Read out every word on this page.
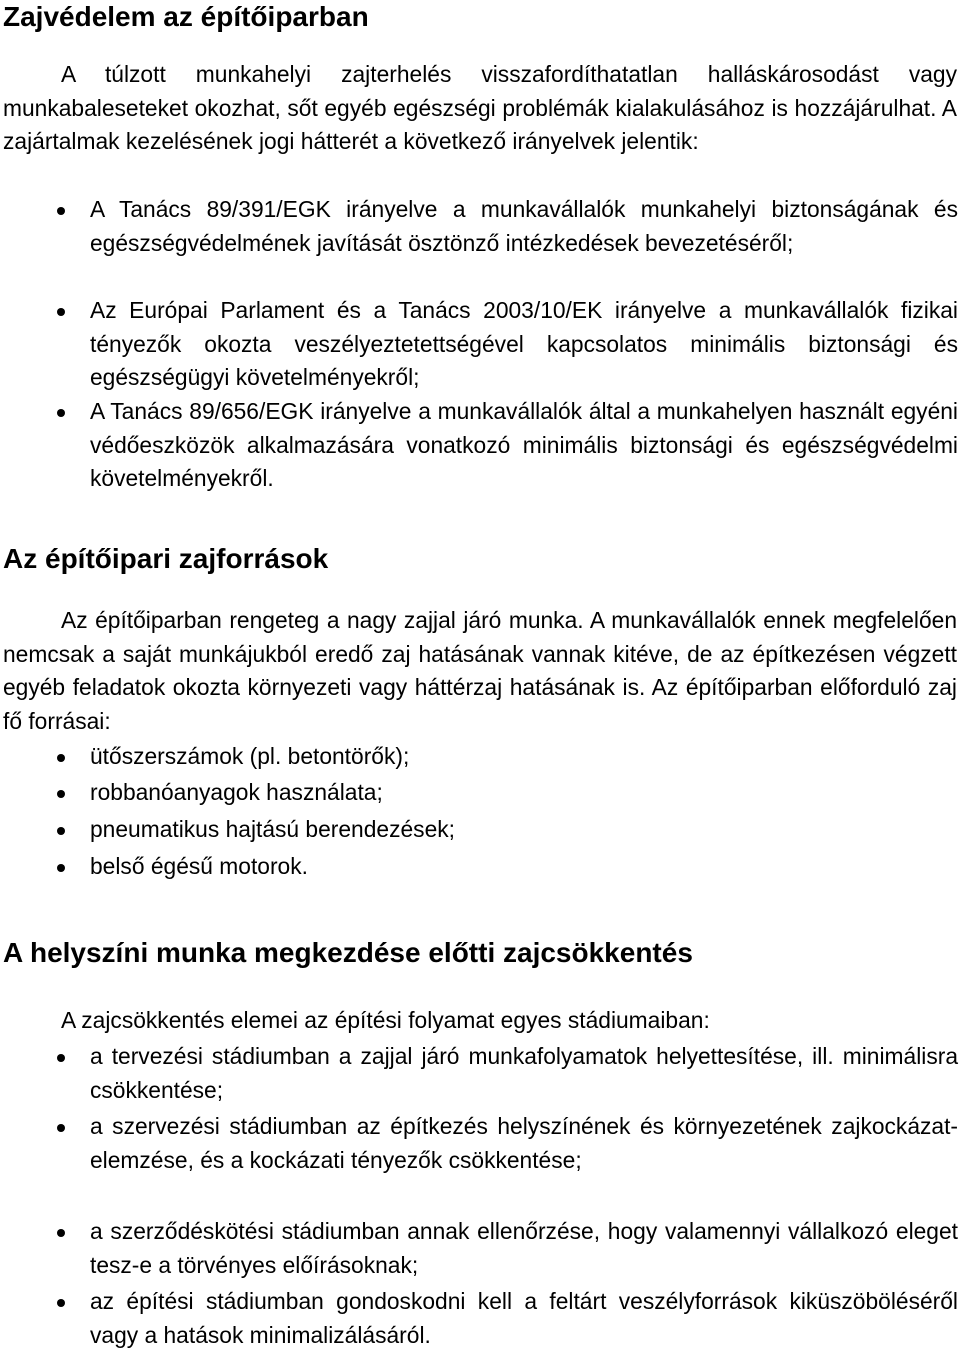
Zajvédelem az építőiparban

A túlzott munkahelyi zajterhelés visszafordíthatatlan halláskárosodást vagy munkabaleseteket okozhat, sőt egyéb egészségi problémák kialakulásához is hozzájárulhat. A zajártalmak kezelésének jogi hátterét a következő irányelvek jelentik:

A Tanács 89/391/EGK irányelve a munkavállalók munkahelyi biztonságának és egészségvédelmének javítását ösztönző intézkedések bevezetéséről;
Az Európai Parlament és a Tanács 2003/10/EK irányelve a munkavállalók fizikai tényezők okozta veszélyeztetettségével kapcsolatos minimális biztonsági és egészségügyi követelményekről;
A Tanács 89/656/EGK irányelve a munkavállalók által a munkahelyen használt egyéni védőeszközök alkalmazására vonatkozó minimális biztonsági és egészségvédelmi követelményekről.
Az építőipari zajforrások

Az építőiparban rengeteg a nagy zajjal járó munka. A munkavállalók ennek megfelelően nemcsak a saját munkájukból eredő zaj hatásának vannak kitéve, de az építkezésen végzett egyéb feladatok okozta környezeti vagy háttérzaj hatásának is. Az építőiparban előforduló zaj fő forrásai:

ütőszerszámok (pl. betontörők);
robbanóanyagok használata;
pneumatikus hajtású berendezések;
belső égésű motorok.
A helyszíni munka megkezdése előtti zajcsökkentés

A zajcsökkentés elemei az építési folyamat egyes stádiumaiban:

a tervezési stádiumban a zajjal járó munkafolyamatok helyettesítése, ill. minimálisra csökkentése;
a szervezési stádiumban az építkezés helyszínének és környezetének zajkockázat-elemzése, és a kockázati tényezők csökkentése;
a szerződéskötési stádiumban annak ellenőrzése, hogy valamennyi vállalkozó eleget tesz-e a törvényes előírásoknak;
az építési stádiumban gondoskodni kell a feltárt veszélyforrások kiküszöböléséről vagy a hatások minimalizálásáról.
